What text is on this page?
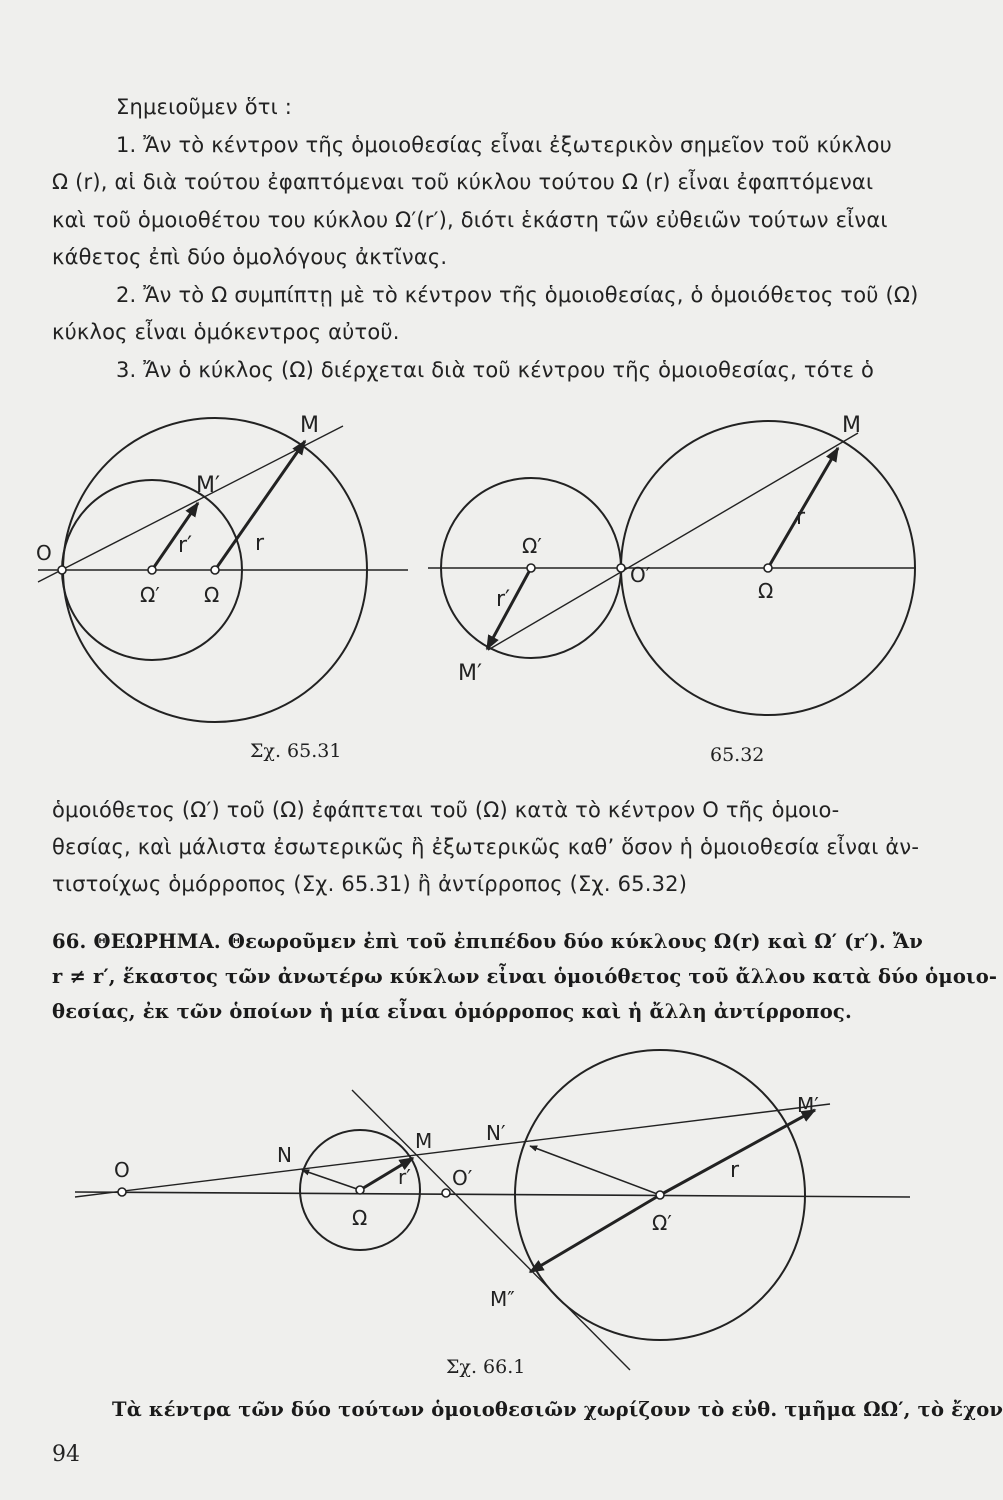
Σημειοῦμεν ὅτι :
1. Ἄν τὸ κέντρον τῆς ὁμοιοθεσίας εἶναι ἐξωτερικὸν σημεῖον τοῦ κύκλου
Ω (r), αἱ διὰ τούτου ἐφαπτόμεναι τοῦ κύκλου τούτου Ω (r) εἶναι ἐφαπτόμεναι
καὶ τοῦ ὁμοιοθέτου του κύκλου Ω′(r′), διότι ἑκάστη τῶν εὐθειῶν τούτων εἶναι
κάθετος ἐπὶ δύο ὁμολόγους ἀκτῖνας.
2. Ἄν τὸ Ω συμπίπτῃ μὲ τὸ κέντρον τῆς ὁμοιοθεσίας, ὁ ὁμοιόθετος τοῦ (Ω)
κύκλος εἶναι ὁμόκεντρος αὐτοῦ.
3. Ἄν ὁ κύκλος (Ω) διέρχεται διὰ τοῦ κέντρου τῆς ὁμοιοθεσίας, τότε ὁ
O
M
M′
r′	r
Ω′ Ω
M
r
Ω′
O′
r′	Ω
M′
O
N
M	N′
M′
r′ O′	r
Ω	Ω′
M″
Σχ. 65.31	65.32
ὁμοιόθετος (Ω′) τοῦ (Ω) ἐφάπτεται τοῦ (Ω) κατὰ τὸ κέντρον O τῆς ὁμοιο-
θεσίας, καὶ μάλιστα ἐσωτερικῶς ἢ ἐξωτερικῶς καθ’ ὅσον ἡ ὁμοιοθεσία εἶναι ἀν-
τιστοίχως ὁμόρροπος (Σχ. 65.31) ἢ ἀντίρροπος (Σχ. 65.32)
66. ΘΕΩΡΗΜΑ. Θεωροῦμεν ἐπὶ τοῦ ἐπιπέδου δύο κύκλους Ω(r) καὶ Ω′ (r′). Ἄν
r ≠ r′, ἕκαστος τῶν ἀνωτέρω κύκλων εἶναι ὁμοιόθετος τοῦ ἄλλου κατὰ δύο ὁμοιο-
θεσίας, ἐκ τῶν ὁποίων ἡ μία εἶναι ὁμόρροπος καὶ ἡ ἄλλη ἀντίρροπος.
Σχ. 66.1
Τὰ κέντρα τῶν δύο τούτων ὁμοιοθεσιῶν χωρίζουν τὸ εὐθ. τμῆμα ΩΩ′, τὸ ἔχον
94
